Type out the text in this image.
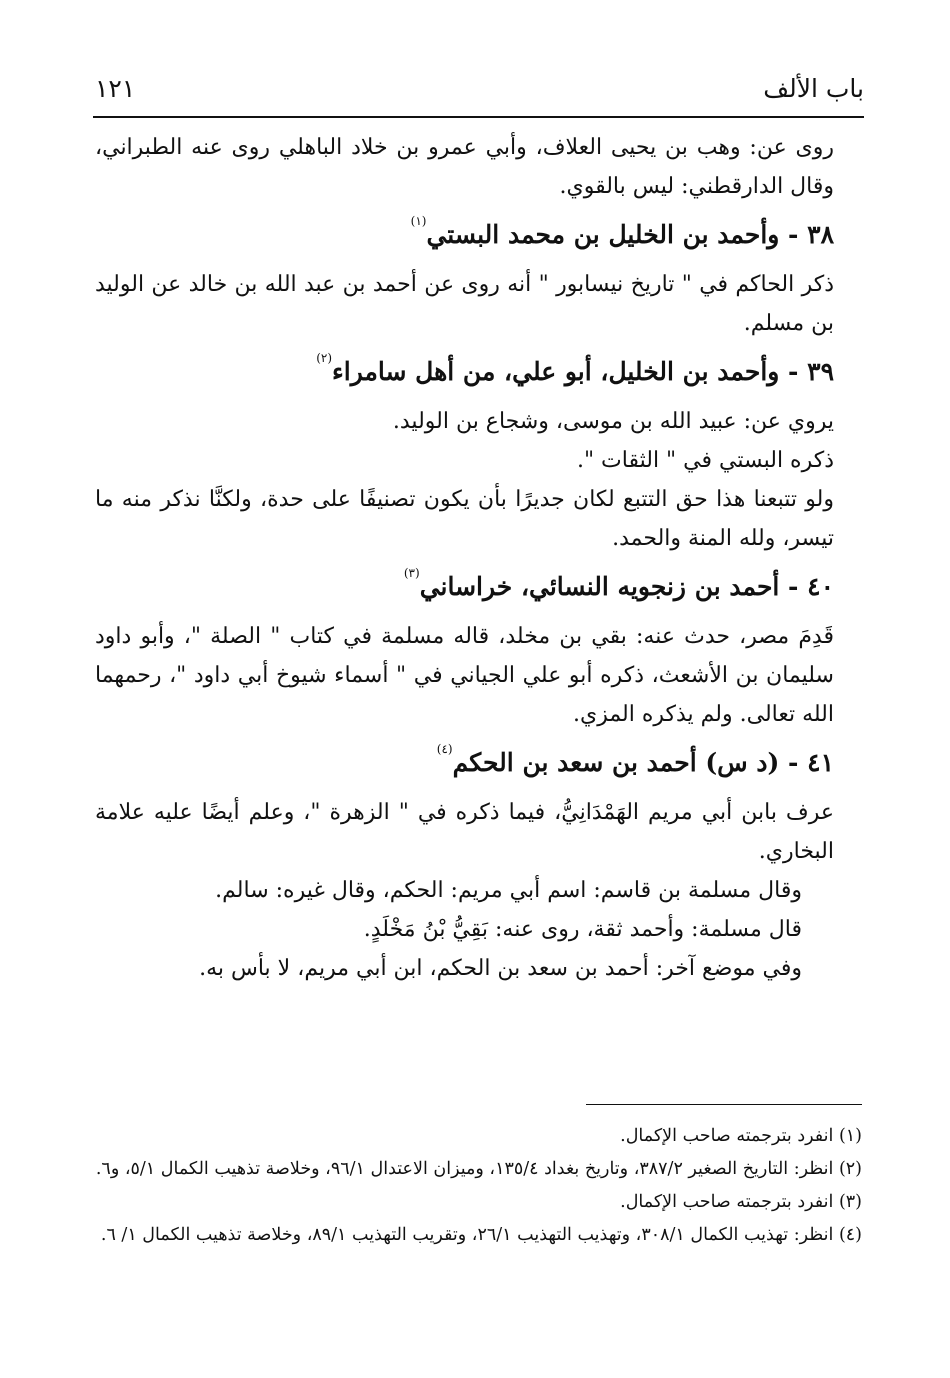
باب الألف
١٢١

روى عن: وهب بن يحيى العلاف، وأبي عمرو بن خلاد الباهلي روى عنه الطبراني، وقال الدارقطني: ليس بالقوي.

٣٨ - وأحمد بن الخليل بن محمد البستي$^{(١)}$

ذكر الحاكم في " تاريخ نيسابور " أنه روى عن أحمد بن عبد الله بن خالد عن الوليد بن مسلم.

٣٩ - وأحمد بن الخليل، أبو علي، من أهل سامراء$^{(٢)}$

يروي عن: عبيد الله بن موسى، وشجاع بن الوليد.

ذكره البستي في " الثقات ".

ولو تتبعنا هذا حق التتبع لكان جديرًا بأن يكون تصنيفًا على حدة، ولكنَّا نذكر منه ما تيسر، ولله المنة والحمد.

٤٠ - أحمد بن زنجويه النسائي، خراساني$^{(٣)}$

قَدِمَ مصر، حدث عنه: بقي بن مخلد، قاله مسلمة في كتاب " الصلة "، وأبو داود سليمان بن الأشعث، ذكره أبو علي الجياني في " أسماء شيوخ أبي داود "، رحمهما الله تعالى. ولم يذكره المزي.

٤١ - (د س) أحمد بن سعد بن الحكم$^{(٤)}$

عرف بابن أبي مريم الهَمْدَانِيُّ، فيما ذكره في " الزهرة "، وعلم أيضًا عليه علامة البخاري.

وقال مسلمة بن قاسم: اسم أبي مريم: الحكم، وقال غيره: سالم.

قال مسلمة: وأحمد ثقة، روى عنه: بَقِيُّ بْنُ مَخْلَدٍ.

وفي موضع آخر: أحمد بن سعد بن الحكم، ابن أبي مريم، لا بأس به.

(١) انفرد بترجمته صاحب الإكمال.

(٢) انظر: التاريخ الصغير ٣٨٧/٢، وتاريخ بغداد ١٣٥/٤، وميزان الاعتدال ٩٦/١، وخلاصة تذهيب الكمال ٥/١، و٦.

(٣) انفرد بترجمته صاحب الإكمال.

(٤) انظر: تهذيب الكمال ٣٠٨/١، وتهذيب التهذيب ٢٦/١، وتقريب التهذيب ٨٩/١، وخلاصة تذهيب الكمال ١/ ٦.
